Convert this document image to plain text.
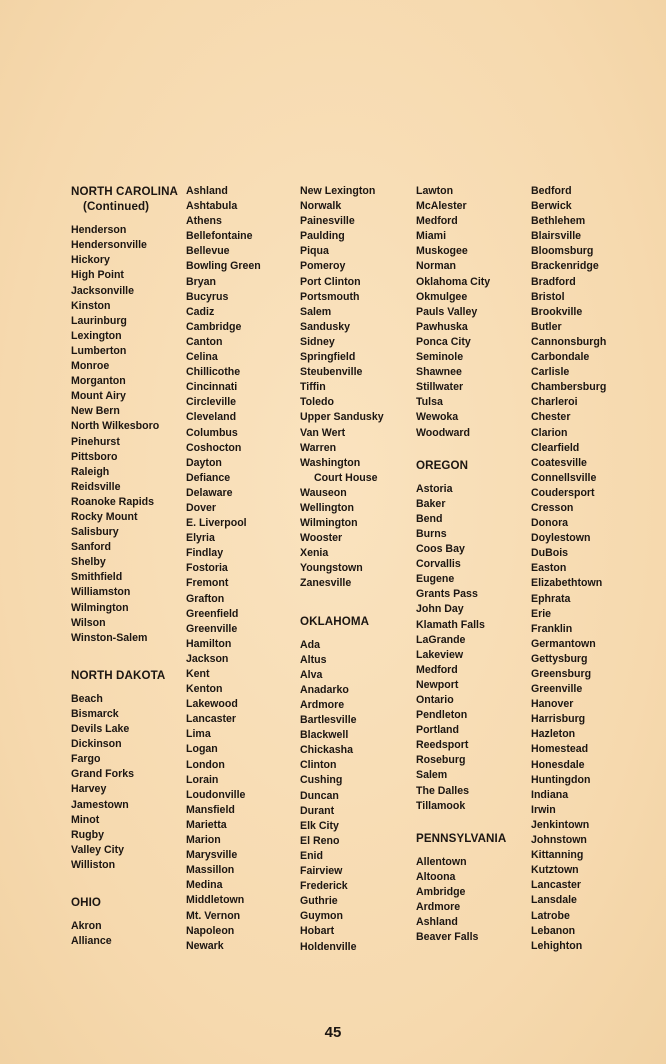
NORTH CAROLINA
(Continued)
Henderson
Hendersonville
Hickory
High Point
Jacksonville
Kinston
Laurinburg
Lexington
Lumberton
Monroe
Morganton
Mount Airy
New Bern
North Wilkesboro
Pinehurst
Pittsboro
Raleigh
Reidsville
Roanoke Rapids
Rocky Mount
Salisbury
Sanford
Shelby
Smithfield
Williamston
Wilmington
Wilson
Winston-Salem
NORTH DAKOTA
Beach
Bismarck
Devils Lake
Dickinson
Fargo
Grand Forks
Harvey
Jamestown
Minot
Rugby
Valley City
Williston
OHIO
Akron
Alliance
Ashland
Ashtabula
Athens
Bellefontaine
Bellevue
Bowling Green
Bryan
Bucyrus
Cadiz
Cambridge
Canton
Celina
Chillicothe
Cincinnati
Circleville
Cleveland
Columbus
Coshocton
Dayton
Defiance
Delaware
Dover
E. Liverpool
Elyria
Findlay
Fostoria
Fremont
Grafton
Greenfield
Greenville
Hamilton
Jackson
Kent
Kenton
Lakewood
Lancaster
Lima
Logan
London
Lorain
Loudonville
Mansfield
Marietta
Marion
Marysville
Massillon
Medina
Middletown
Mt. Vernon
Napoleon
Newark
New Lexington
Norwalk
Painesville
Paulding
Piqua
Pomeroy
Port Clinton
Portsmouth
Salem
Sandusky
Sidney
Springfield
Steubenville
Tiffin
Toledo
Upper Sandusky
Van Wert
Warren
Washington
Court House
Wauseon
Wellington
Wilmington
Wooster
Xenia
Youngstown
Zanesville
OKLAHOMA
Ada
Altus
Alva
Anadarko
Ardmore
Bartlesville
Blackwell
Chickasha
Clinton
Cushing
Duncan
Durant
Elk City
El Reno
Enid
Fairview
Frederick
Guthrie
Guymon
Hobart
Holdenville
Lawton
McAlester
Medford
Miami
Muskogee
Norman
Oklahoma City
Okmulgee
Pauls Valley
Pawhuska
Ponca City
Seminole
Shawnee
Stillwater
Tulsa
Wewoka
Woodward
OREGON
Astoria
Baker
Bend
Burns
Coos Bay
Corvallis
Eugene
Grants Pass
John Day
Klamath Falls
LaGrande
Lakeview
Medford
Newport
Ontario
Pendleton
Portland
Reedsport
Roseburg
Salem
The Dalles
Tillamook
PENNSYLVANIA
Allentown
Altoona
Ambridge
Ardmore
Ashland
Beaver Falls
Bedford
Berwick
Bethlehem
Blairsville
Bloomsburg
Brackenridge
Bradford
Bristol
Brookville
Butler
Cannonsburgh
Carbondale
Carlisle
Chambersburg
Charleroi
Chester
Clarion
Clearfield
Coatesville
Connellsville
Coudersport
Cresson
Donora
Doylestown
DuBois
Easton
Elizabethtown
Ephrata
Erie
Franklin
Germantown
Gettysburg
Greensburg
Greenville
Hanover
Harrisburg
Hazleton
Homestead
Honesdale
Huntingdon
Indiana
Irwin
Jenkintown
Johnstown
Kittanning
Kutztown
Lancaster
Lansdale
Latrobe
Lebanon
Lehighton
45
